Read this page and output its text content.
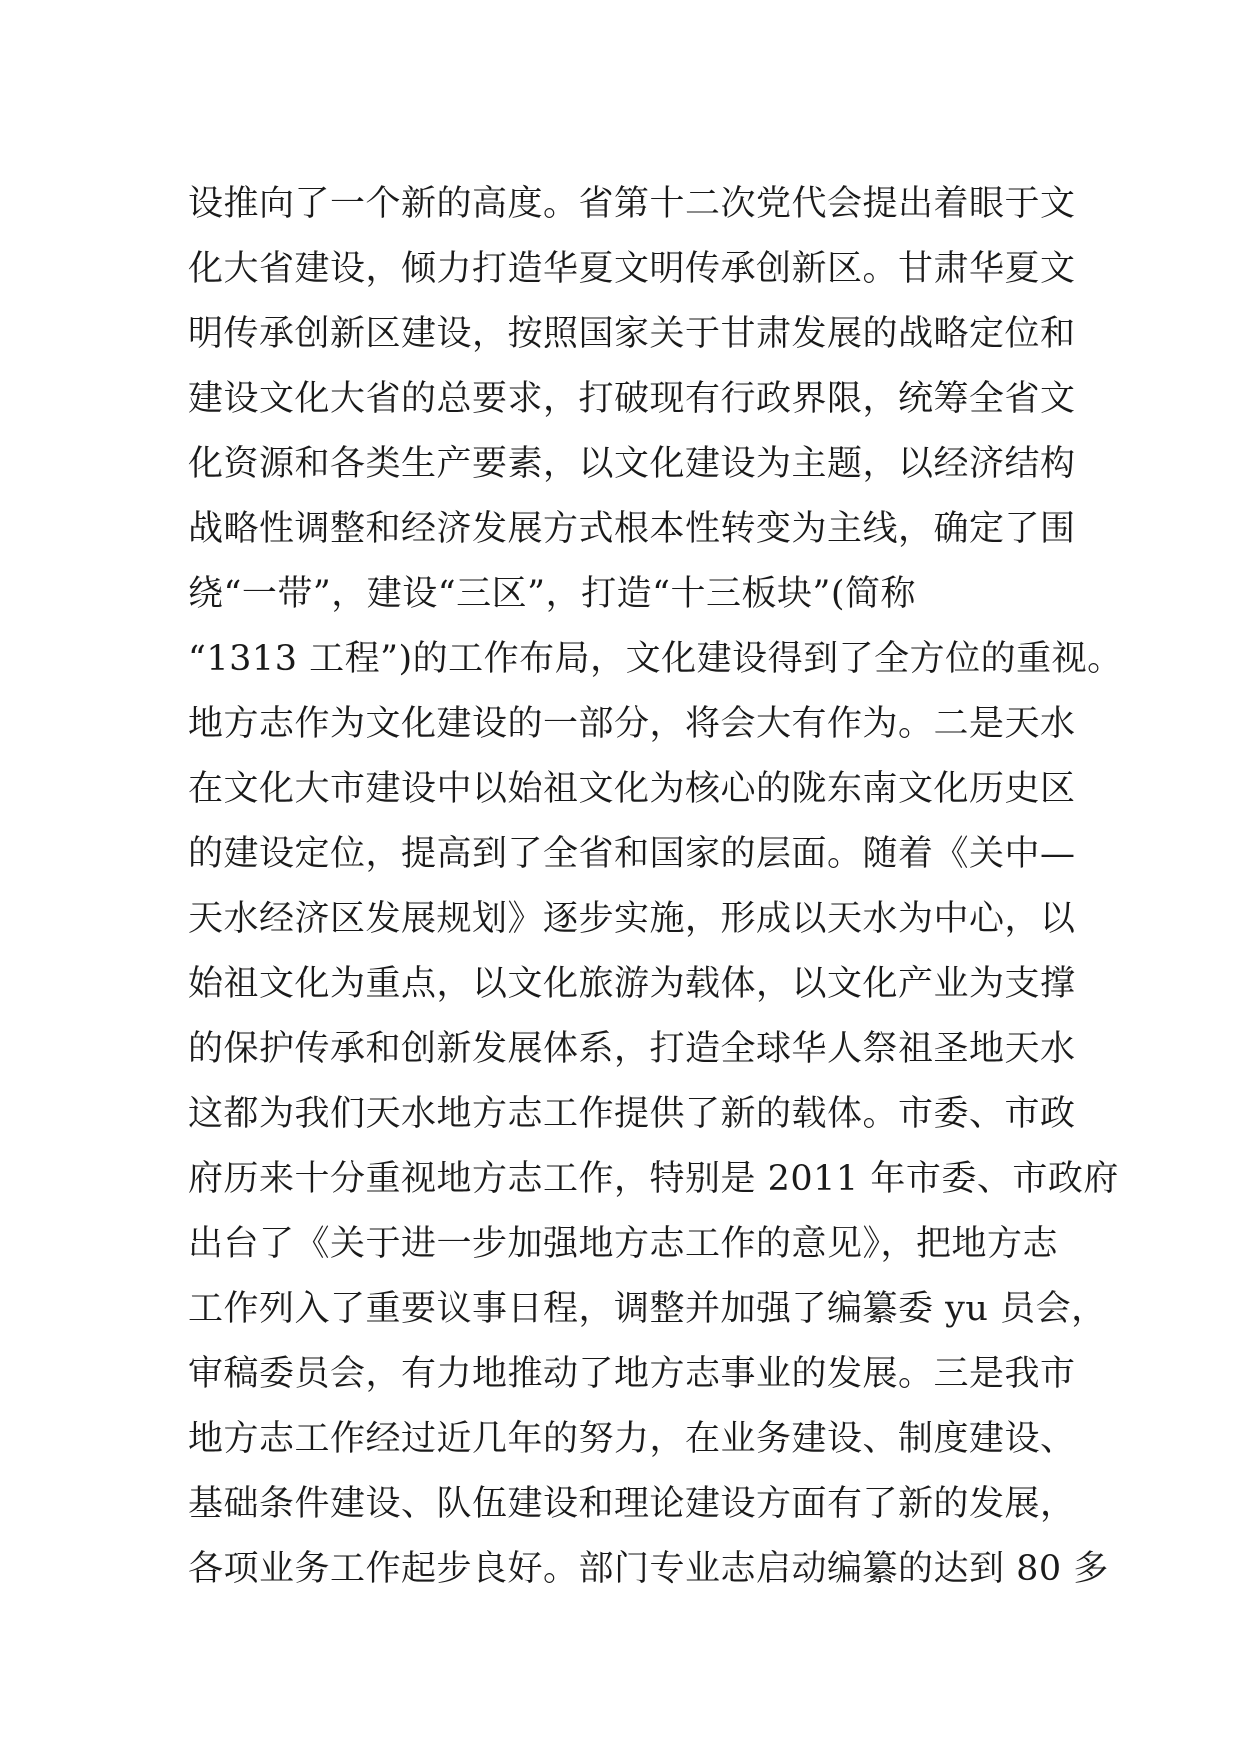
设推向了一个新的高度。省第十二次党代会提出着眼于文
化大省建设，倾力打造华夏文明传承创新区。甘肃华夏文
明传承创新区建设，按照国家关于甘肃发展的战略定位和
建设文化大省的总要求，打破现有行政界限，统筹全省文
化资源和各类生产要素，以文化建设为主题，以经济结构
战略性调整和经济发展方式根本性转变为主线，确定了围
绕“一带”，建设“三区”，打造“十三板块”(简称
“1313 工程”)的工作布局，文化建设得到了全方位的重视。
地方志作为文化建设的一部分，将会大有作为。二是天水
在文化大市建设中以始祖文化为核心的陇东南文化历史区
的建设定位，提高到了全省和国家的层面。随着《关中—
天水经济区发展规划》逐步实施，形成以天水为中心，以
始祖文化为重点，以文化旅游为载体，以文化产业为支撑
的保护传承和创新发展体系，打造全球华人祭祖圣地天水
这都为我们天水地方志工作提供了新的载体。市委、市政
府历来十分重视地方志工作，特别是 2011 年市委、市政府
出台了《关于进一步加强地方志工作的意见》，把地方志
工作列入了重要议事日程，调整并加强了编纂委 yu 员会，
审稿委员会，有力地推动了地方志事业的发展。三是我市
地方志工作经过近几年的努力，在业务建设、制度建设、
基础条件建设、队伍建设和理论建设方面有了新的发展，
各项业务工作起步良好。部门专业志启动编纂的达到 80 多
